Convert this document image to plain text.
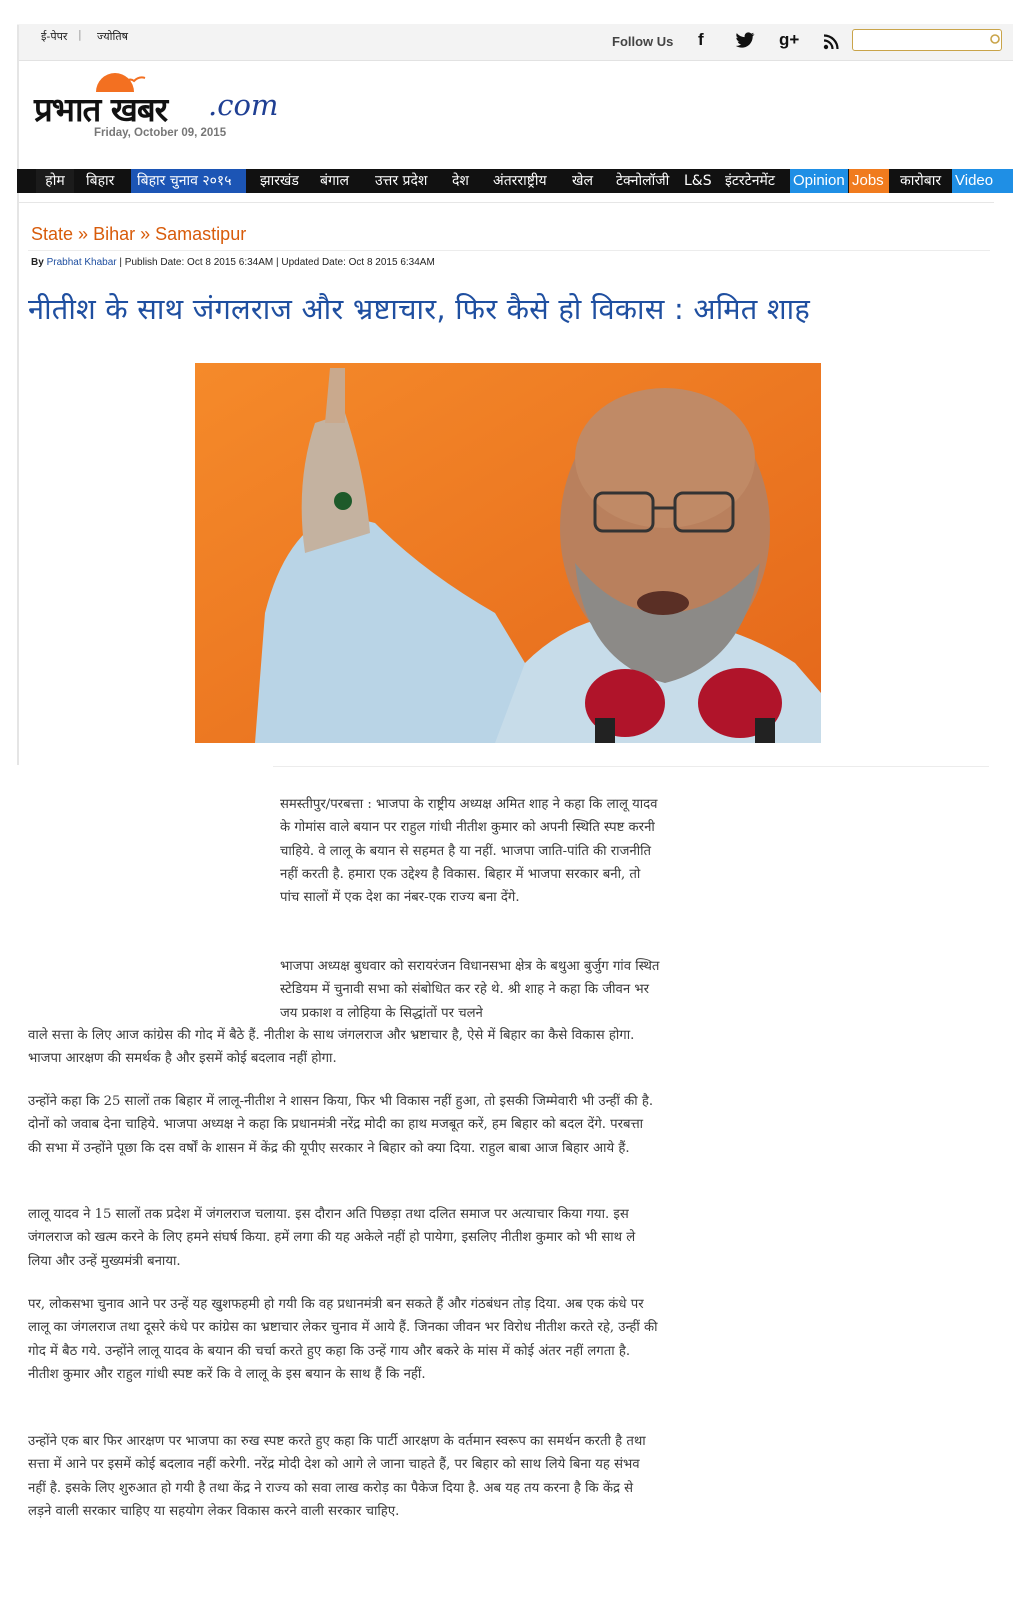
ई-पेपर | ज्योतिष	Follow Us f	g+
प्रभात खबर .com
Friday, October 09, 2015
होम	बिहार	बिहार चुनाव २०१५	झारखंड बंगाल उत्तर प्रदेश देश अंतरराष्ट्रीय खेल टेक्नोलॉजी L&S इंटरटेनमेंट Opinion Jobs	कारोबार Video
State » Bihar » Samastipur
By Prabhat Khabar | Publish Date: Oct 8 2015 6:34AM | Updated Date: Oct 8 2015 6:34AM
नीतीश के साथ जंगलराज और भ्रष्टाचार, फिर कैसे हो विकास : अमित शाह

समस्तीपुर/परबत्ता : भाजपा के राष्ट्रीय अध्यक्ष अमित शाह ने कहा कि लालू यादव के गोमांस वाले बयान पर राहुल गांधी नीतीश कुमार को अपनी स्थिति स्पष्ट करनी चाहिये. वे लालू के बयान से सहमत है या नहीं. भाजपा जाति-पांति की राजनीति नहीं करती है. हमारा एक उद्देश्य है विकास. बिहार में भाजपा सरकार बनी, तो पांच सालों में एक देश का नंबर-एक राज्य बना देंगे.

भाजपा अध्यक्ष बुधवार को सरायरंजन विधानसभा क्षेत्र के बथुआ बुर्जुग गांव स्थित स्टेडियम में चुनावी सभा को संबोधित कर रहे थे. श्री शाह ने कहा कि जीवन भर जय प्रकाश व लोहिया के सिद्धांतों पर चलने

वाले सत्ता के लिए आज कांग्रेस की गोद में बैठे हैं. नीतीश के साथ जंगलराज और भ्रष्टाचार है, ऐसे में बिहार का कैसे विकास होगा. भाजपा आरक्षण की समर्थक है और इसमें कोई बदलाव नहीं होगा.

उन्होंने कहा कि 25 सालों तक बिहार में लालू-नीतीश ने शासन किया, फिर भी विकास नहीं हुआ, तो इसकी जिम्मेवारी भी उन्हीं की है. दोनों को जवाब देना चाहिये. भाजपा अध्यक्ष ने कहा कि प्रधानमंत्री नरेंद्र मोदी का हाथ मजबूत करें, हम बिहार को बदल देंगे. परबत्ता की सभा में उन्होंने पूछा कि दस वर्षों के शासन में केंद्र की यूपीए सरकार ने बिहार को क्या दिया. राहुल बाबा आज बिहार आये हैं.

लालू यादव ने 15 सालों तक प्रदेश में जंगलराज चलाया. इस दौरान अति पिछड़ा तथा दलित समाज पर अत्याचार किया गया. इस जंगलराज को खत्म करने के लिए हमने संघर्ष किया. हमें लगा की यह अकेले नहीं हो पायेगा, इसलिए नीतीश कुमार को भी साथ ले लिया और उन्हें मुख्यमंत्री बनाया.

पर, लोकसभा चुनाव आने पर उन्हें यह खुशफहमी हो गयी कि वह प्रधानमंत्री बन सकते हैं और गंठबंधन तोड़ दिया. अब एक कंधे पर लालू का जंगलराज तथा दूसरे कंधे पर कांग्रेस का भ्रष्टाचार लेकर चुनाव में आये हैं. जिनका जीवन भर विरोध नीतीश करते रहे, उन्हीं की गोद में बैठ गये. उन्होंने लालू यादव के बयान की चर्चा करते हुए कहा कि उन्हें गाय और बकरे के मांस में कोई अंतर नहीं लगता है. नीतीश कुमार और राहुल गांधी स्पष्ट करें कि वे लालू के इस बयान के साथ हैं कि नहीं.

उन्होंने एक बार फिर आरक्षण पर भाजपा का रुख स्पष्ट करते हुए कहा कि पार्टी आरक्षण के वर्तमान स्वरूप का समर्थन करती है तथा सत्ता में आने पर इसमें कोई बदलाव नहीं करेगी. नरेंद्र मोदी देश को आगे ले जाना चाहते हैं, पर बिहार को साथ लिये बिना यह संभव नहीं है. इसके लिए शुरुआत हो गयी है तथा केंद्र ने राज्य को सवा लाख करोड़ का पैकेज दिया है. अब यह तय करना है कि केंद्र से लड़ने वाली सरकार चाहिए या सहयोग लेकर विकास करने वाली सरकार चाहिए.
